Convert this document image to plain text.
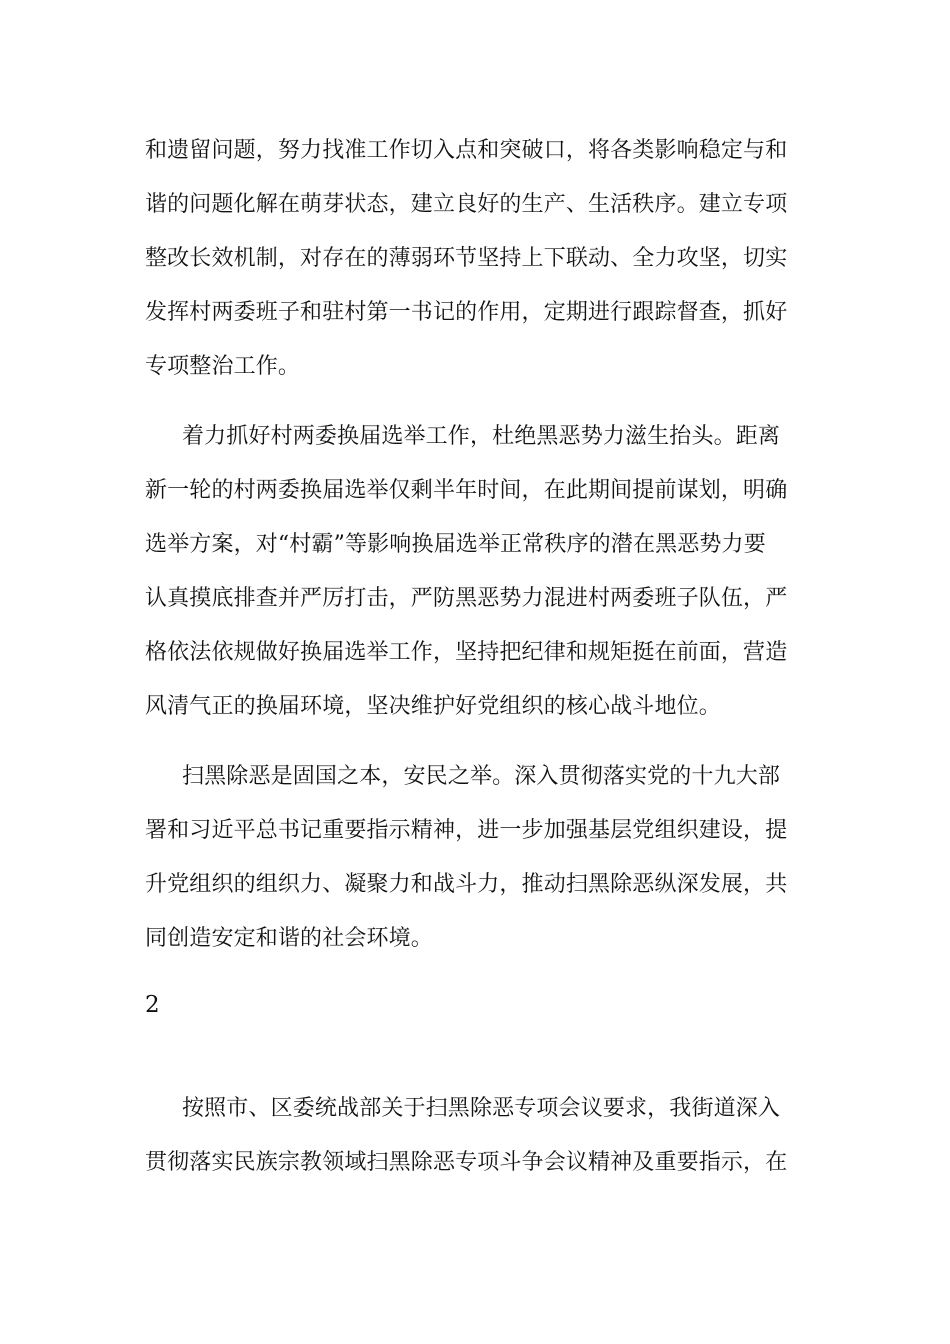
和遗留问题，努力找准工作切入点和突破口，将各类影响稳定与和
谐的问题化解在萌芽状态，建立良好的生产、生活秩序。建立专项
整改长效机制，对存在的薄弱环节坚持上下联动、全力攻坚，切实
发挥村两委班子和驻村第一书记的作用，定期进行跟踪督查，抓好
专项整治工作。
着力抓好村两委换届选举工作，杜绝黑恶势力滋生抬头。距离
新一轮的村两委换届选举仅剩半年时间，在此期间提前谋划，明确
选举方案，对“村霸”等影响换届选举正常秩序的潜在黑恶势力要
认真摸底排查并严厉打击，严防黑恶势力混进村两委班子队伍，严
格依法依规做好换届选举工作，坚持把纪律和规矩挺在前面，营造
风清气正的换届环境，坚决维护好党组织的核心战斗地位。
扫黑除恶是固国之本，安民之举。深入贯彻落实党的十九大部
署和习近平总书记重要指示精神，进一步加强基层党组织建设，提
升党组织的组织力、凝聚力和战斗力，推动扫黑除恶纵深发展，共
同创造安定和谐的社会环境。
2
按照市、区委统战部关于扫黑除恶专项会议要求，我街道深入
贯彻落实民族宗教领域扫黑除恶专项斗争会议精神及重要指示，在
